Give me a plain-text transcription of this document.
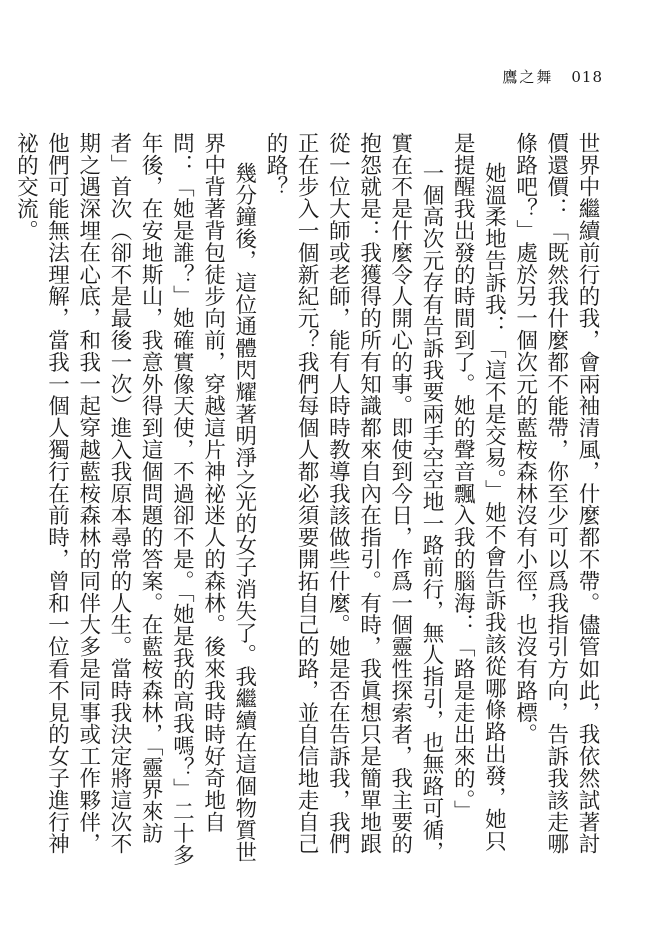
鷹之舞 018

世界中繼續前行的我，會兩袖清風，什麼都不帶。儘管如此，我依然試著討價還價：「既然我什麼都不能帶，你至少可以爲我指引方向，告訴我該走哪條路吧？」處於另一個次元的藍桉森林沒有小徑，也沒有路標。

她溫柔地告訴我：「這不是交易。」她不會告訴我該從哪條路出發，她只是提醒我出發的時間到了。她的聲音飄入我的腦海：「路是走出來的。」

一個高次元存有告訴我要兩手空空地一路前行，無人指引，也無路可循，實在不是什麼令人開心的事。即使到今日，作爲一個靈性探索者，我主要的抱怨就是：我獲得的所有知識都來自內在指引。有時，我眞想只是簡單地跟從一位大師或老師，能有人時時教導我該做些什麼。她是否在告訴我，我們正在步入一個新紀元？我們每個人都必須要開拓自己的路，並自信地走自己的路？

幾分鐘後，這位通體閃耀著明淨之光的女子消失了。我繼續在這個物質世界中背著背包徒步向前，穿越這片神祕迷人的森林。後來我時時好奇地自問：「她是誰？」她確實像天使，不過卻不是。「她是我的高我嗎？」二十多年後，在安地斯山，我意外得到這個問題的答案。在藍桉森林，「靈界來訪者」首次（卻不是最後一次）進入我原本尋常的人生。當時我決定將這次不期之遇深埋在心底，和我一起穿越藍桉森林的同伴大多是同事或工作夥伴，他們可能無法理解，當我一個人獨行在前時，曾和一位看不見的女子進行神祕的交流。
